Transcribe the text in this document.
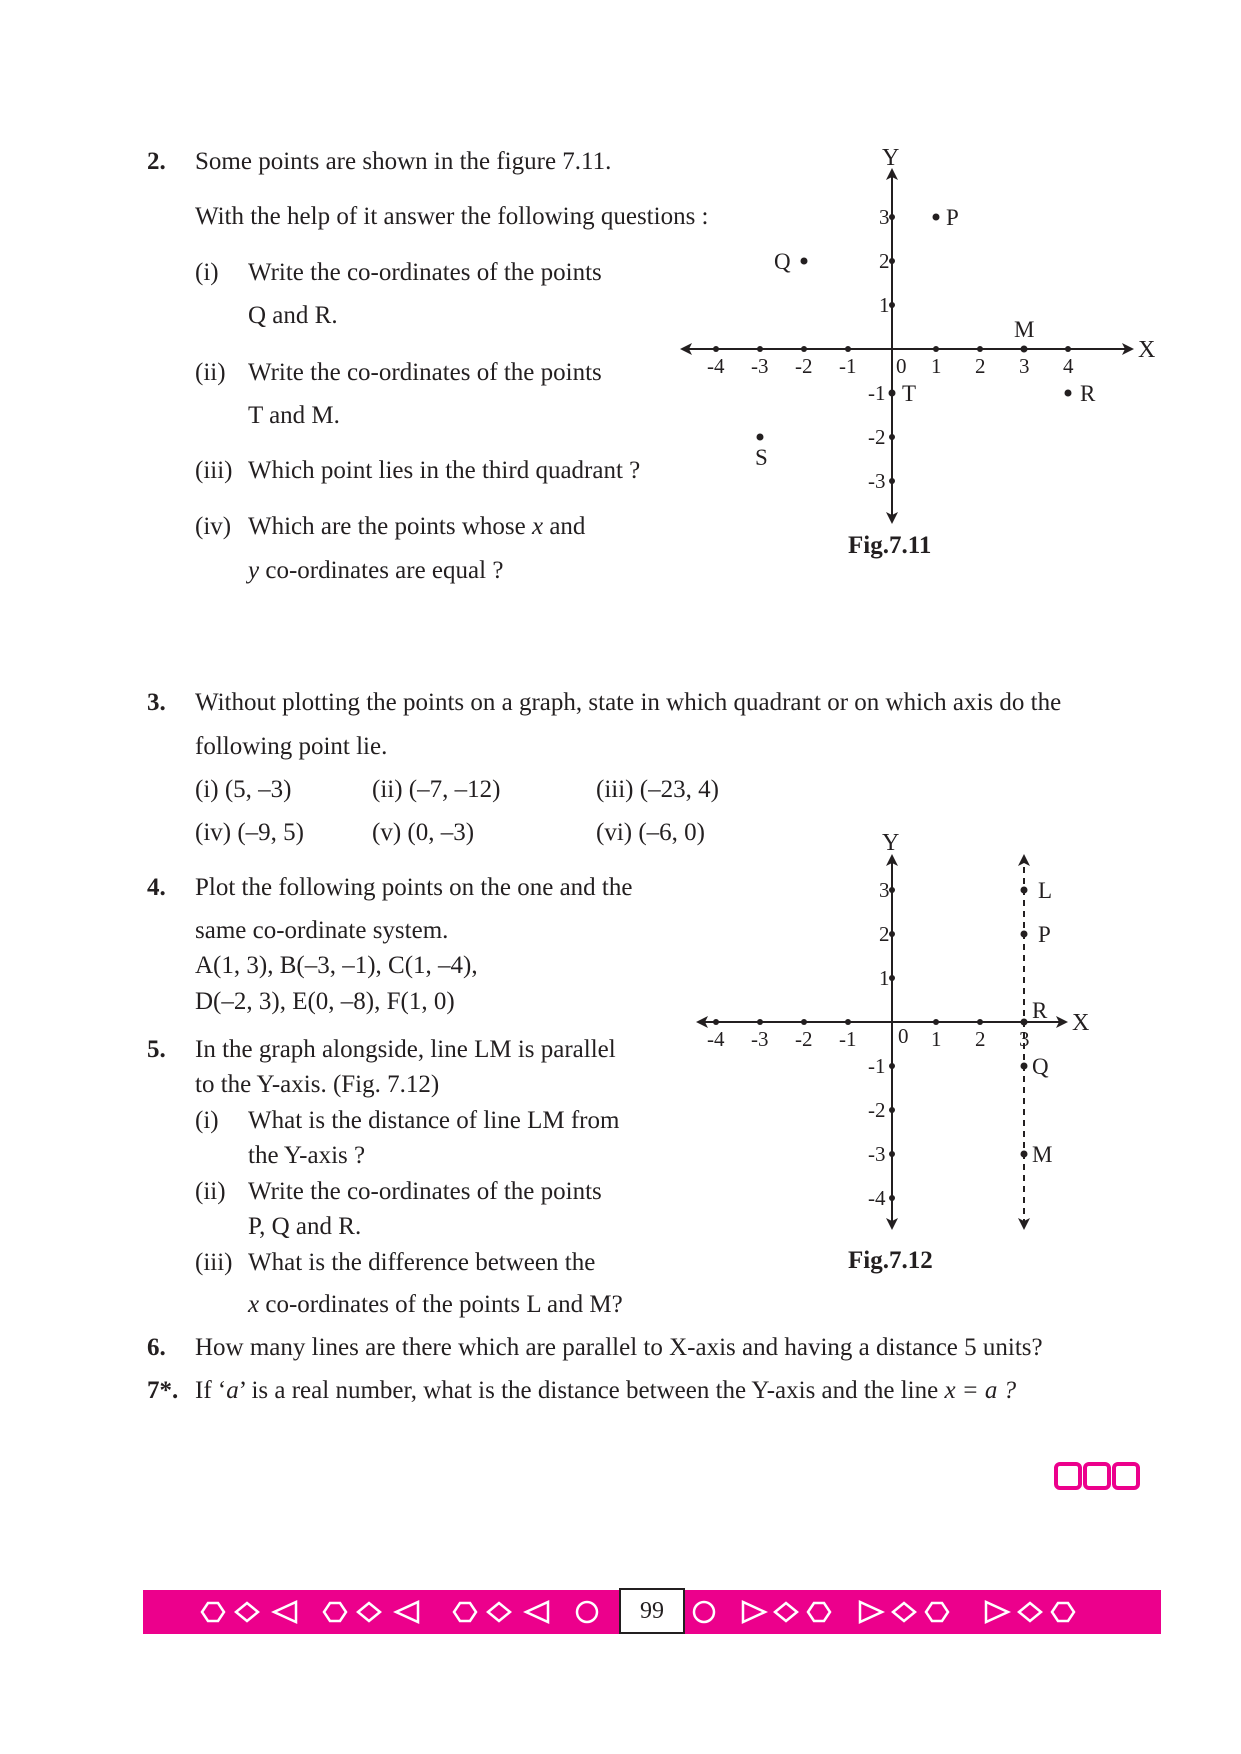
2. Some points are shown in the figure 7.11.
With the help of it answer the following questions :
(i) Write the co-ordinates of the points
Q and R.
(ii) Write the co-ordinates of the points
T and M.
(iii) Which point lies in the third quadrant ?
(iv) Which are the points whose x and
y co-ordinates are equal ?
X
Y
0
-4 -3 -2 -1	1 2 3 4
3
2
1
-1
-2
-3
P
Q
M
R
T
S
Fig.7.11
3. Without plotting the points on a graph, state in which quadrant or on which axis do the
following point lie.
(i) (5, –3)	(ii) (–7, –12)	(iii) (–23, 4)
(iv) (–9, 5)	(v) (0, –3)	(vi) (–6, 0)
4. Plot the following points on the one and the
same co-ordinate system.
A(1, 3), B(–3, –1), C(1, –4),
D(–2, 3), E(0, –8), F(1, 0)
5. In the graph alongside, line LM is parallel
to the Y-axis. (Fig. 7.12)
(i) What is the distance of line LM from
the Y-axis ?
(ii) Write the co-ordinates of the points
P, Q and R.
(iii) What is the difference between the
x co-ordinates of the points L and M?
X
Y
0
-4 -3 -2 -1	1 2 3
3
2
1
-1
-2
-3
-4
L
P
R
Q
M
Fig.7.12
6. How many lines are there which are parallel to X-axis and having a distance 5 units?
7*. If ‘a’ is a real number, what is the distance between the Y-axis and the line x = a ?
99
